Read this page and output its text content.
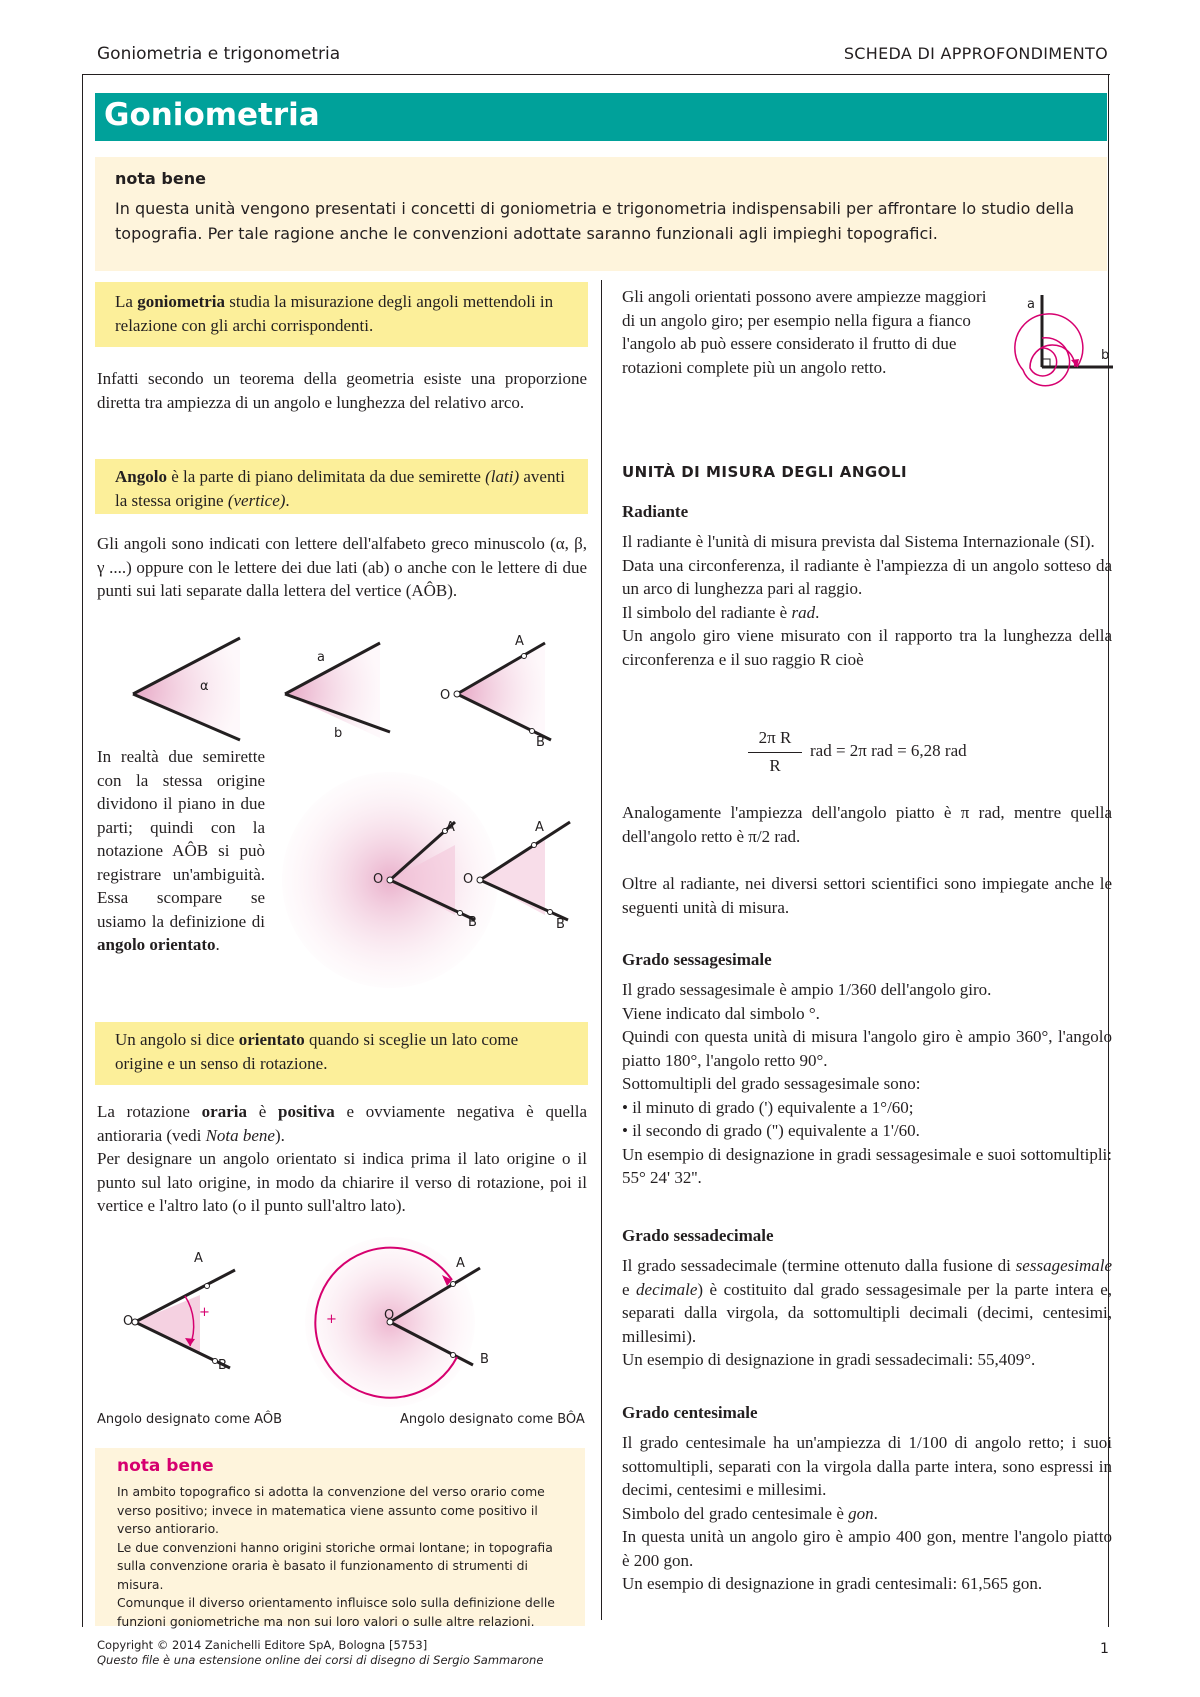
Goniometria e trigonometria	SCHEDA DI APPROFONDIMENTO
Goniometria
nota bene
In questa unità vengono presentati i concetti di goniometria e trigonometria indispensabili per affrontare lo studio della topografia. Per tale ragione anche le convenzioni adottate saranno funzionali agli impieghi topografici.
La goniometria studia la misurazione degli angoli mettendoli in relazione con gli archi corrispondenti.
Infatti secondo un teorema della geometria esiste una proporzione diretta tra ampiezza di un angolo e lunghezza del relativo arco.
Angolo è la parte di piano delimitata da due semirette (lati) aventi la stessa origine (vertice).
Gli angoli sono indicati con lettere dell'alfabeto greco minuscolo (α, β, γ ....) oppure con le lettere dei due lati (ab) o anche con le lettere di due punti sui lati separate dalla lettera del vertice (AÔB).
α
a
b
A
O
B
In realtà due semirette con la stessa origine dividono il piano in due parti; quindi con la notazione AÔB si può registrare un'ambiguità. Essa scompare se usiamo la definizione di angolo orientato.
A
O
B
A
O
B
Un angolo si dice orientato quando si sceglie un lato come origine e un senso di rotazione.
La rotazione oraria è positiva e ovviamente negativa è quella antioraria (vedi Nota bene).
Per designare un angolo orientato si indica prima il lato origine o il punto sul lato origine, in modo da chiarire il verso di rotazione, poi il vertice e l'altro lato (o il punto sull'altro lato).
A
O
B
+
A
O
B
+
Angolo designato come AÔB	Angolo designato come BÔA
nota bene
In ambito topografico si adotta la convenzione del verso orario come verso positivo; invece in matematica viene assunto come positivo il verso antiorario.
Le due convenzioni hanno origini storiche ormai lontane; in topografia sulla convenzione oraria è basato il funzionamento di strumenti di misura.
Comunque il diverso orientamento influisce solo sulla definizione delle funzioni goniometriche ma non sui loro valori o sulle altre relazioni.
Gli angoli orientati possono avere ampiezze maggiori di un angolo giro; per esempio nella figura a fianco l'angolo ab può essere considerato il frutto di due rotazioni complete più un angolo retto.
a
b
UNITÀ DI MISURA DEGLI ANGOLI
Radiante
Il radiante è l'unità di misura prevista dal Sistema Internazionale (SI).
Data una circonferenza, il radiante è l'ampiezza di un angolo sotteso da un arco di lunghezza pari al raggio.
Il simbolo del radiante è rad.
Un angolo giro viene misurato con il rapporto tra la lunghezza della circonferenza e il suo raggio R cioè
2π R
R
rad = 2π rad = 6,28 rad
Analogamente l'ampiezza dell'angolo piatto è π rad, mentre quella dell'angolo retto è π/2 rad.
Oltre al radiante, nei diversi settori scientifici sono impiegate anche le seguenti unità di misura.
Grado sessagesimale
Il grado sessagesimale è ampio 1/360 dell'angolo giro.
Viene indicato dal simbolo °.
Quindi con questa unità di misura l'angolo giro è ampio 360°, l'angolo piatto 180°, l'angolo retto 90°.
Sottomultipli del grado sessagesimale sono:
• il minuto di grado (') equivalente a 1°/60;
• il secondo di grado ('') equivalente a 1'/60.
Un esempio di designazione in gradi sessagesimale e suoi sottomultipli: 55° 24' 32''.
Grado sessadecimale
Il grado sessadecimale (termine ottenuto dalla fusione di sessagesimale e decimale) è costituito dal grado sessagesimale per la parte intera e, separati dalla virgola, da sottomultipli decimali (decimi, centesimi, millesimi).
Un esempio di designazione in gradi sessadecimali: 55,409°.
Grado centesimale
Il grado centesimale ha un'ampiezza di 1/100 di angolo retto; i suoi sottomultipli, separati con la virgola dalla parte intera, sono espressi in decimi, centesimi e millesimi.
Simbolo del grado centesimale è gon.
In questa unità un angolo giro è ampio 400 gon, mentre l'angolo piatto è 200 gon.
Un esempio di designazione in gradi centesimali: 61,565 gon.
Copyright © 2014 Zanichelli Editore SpA, Bologna [5753]
Questo file è una estensione online dei corsi di disegno di Sergio Sammarone
1
